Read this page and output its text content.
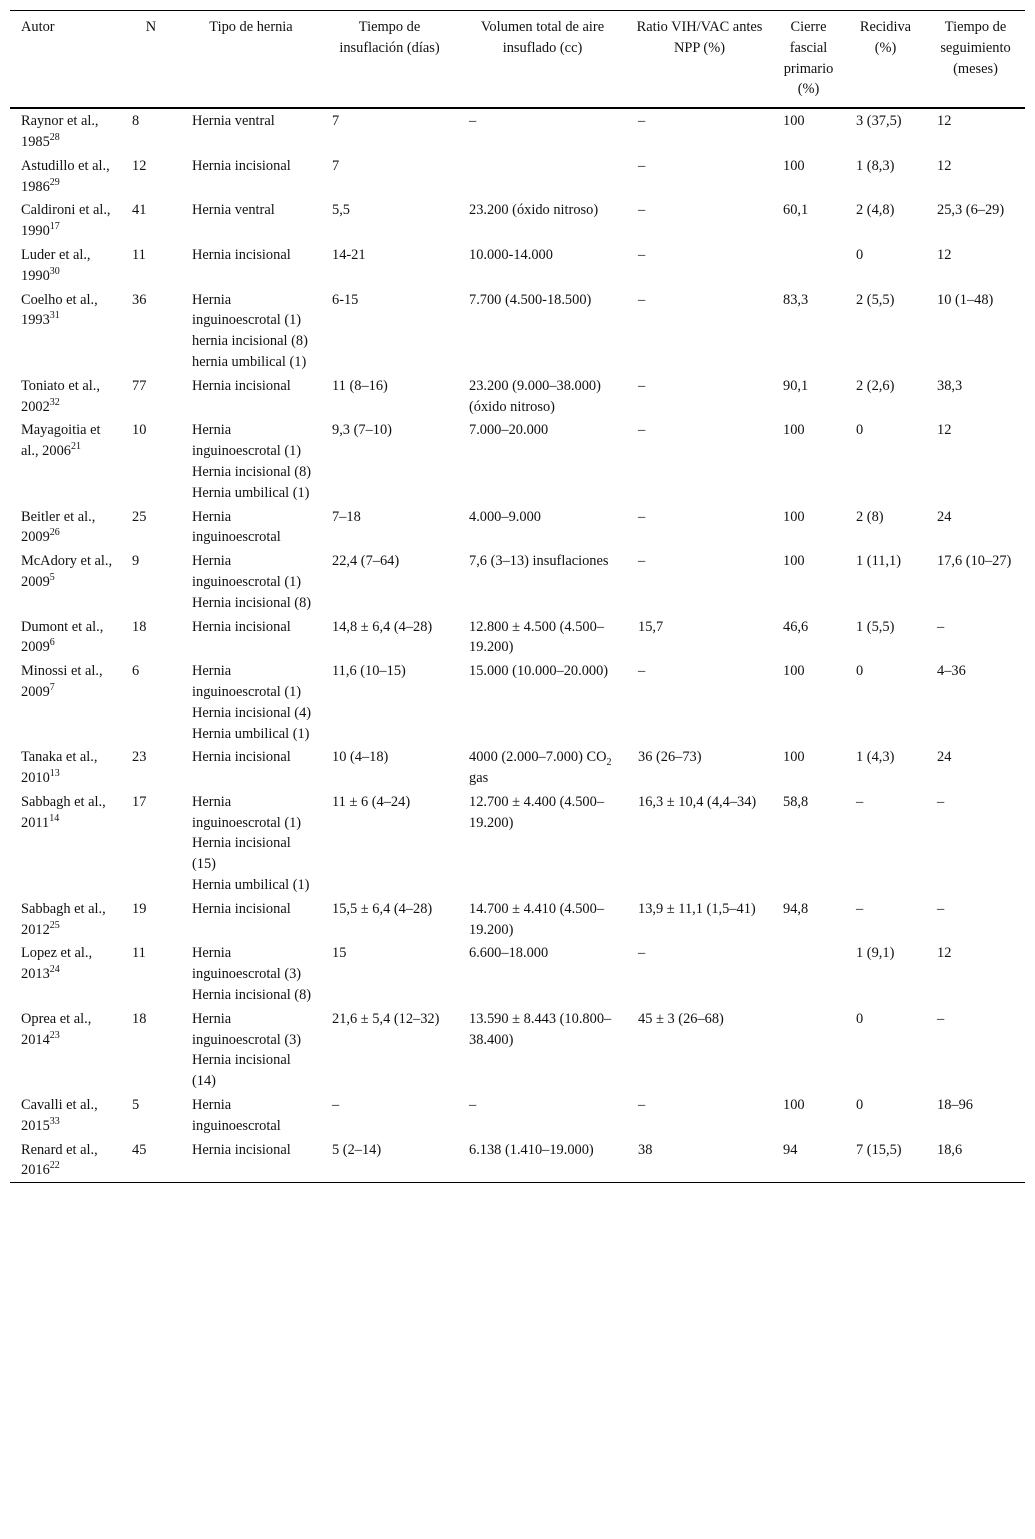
Autor	N	Tipo de hernia	Tiempo de insuflación (días)	Volumen total de aire insuflado (cc)	Ratio VIH/VAC antes NPP (%)	Cierre fascial primario (%)	Recidiva (%)	Tiempo de seguimiento (meses)
Raynor et al., 1985$^{28}$	8	Hernia ventral	7	–	–	100	3 (37,5)	12
Astudillo et al., 1986$^{29}$	12	Hernia incisional	7		–	100	1 (8,3)	12
Caldironi et al., 1990$^{17}$	41	Hernia ventral	5,5	23.200 (óxido nitroso)	–	60,1	2 (4,8)	25,3 (6–29)
Luder et al., 1990$^{30}$	11	Hernia incisional	14-21	10.000-14.000	–		0	12
Coelho et al., 1993$^{31}$	36	Hernia inguinoescrotal (1)
hernia incisional (8)
hernia umbilical (1)	6-15	7.700 (4.500-18.500)	–	83,3	2 (5,5)	10 (1–48)
Toniato et al., 2002$^{32}$	77	Hernia incisional	11 (8–16)	23.200 (9.000–38.000) (óxido nitroso)	–	90,1	2 (2,6)	38,3
Mayagoitia et al., 2006$^{21}$	10	Hernia inguinoescrotal (1)
Hernia incisional (8)
Hernia umbilical (1)	9,3 (7–10)	7.000–20.000	–	100	0	12
Beitler et al., 2009$^{26}$	25	Hernia inguinoescrotal	7–18	4.000–9.000	–	100	2 (8)	24
McAdory et al., 2009$^5$	9	Hernia inguinoescrotal (1)
Hernia incisional (8)	22,4 (7–64)	7,6 (3–13) insuflaciones	–	100	1 (11,1)	17,6 (10–27)
Dumont et al., 2009$^6$	18	Hernia incisional	14,8 ± 6,4 (4–28)	12.800 ± 4.500 (4.500–19.200)	15,7	46,6	1 (5,5)	–
Minossi et al., 2009$^7$	6	Hernia inguinoescrotal (1)
Hernia incisional (4)
Hernia umbilical (1)	11,6 (10–15)	15.000 (10.000–20.000)	–	100	0	4–36
Tanaka et al., 2010$^{13}$	23	Hernia incisional	10 (4–18)	4000 (2.000–7.000) $CO_2$ gas	36 (26–73)	100	1 (4,3)	24
Sabbagh et al., 2011$^{14}$	17	Hernia inguinoescrotal (1)
Hernia incisional (15)
Hernia umbilical (1)	11 ± 6 (4–24)	12.700 ± 4.400 (4.500–19.200)	16,3 ± 10,4 (4,4–34)	58,8	–	–
Sabbagh et al., 2012$^{25}$	19	Hernia incisional	15,5 ± 6,4 (4–28)	14.700 ± 4.410 (4.500–19.200)	13,9 ± 11,1 (1,5–41)	94,8	–	–
Lopez et al., 2013$^{24}$	11	Hernia inguinoescrotal (3)
Hernia incisional (8)	15	6.600–18.000	–		1 (9,1)	12
Oprea et al., 2014$^{23}$	18	Hernia inguinoescrotal (3)
Hernia incisional (14)	21,6 ± 5,4 (12–32)	13.590 ± 8.443 (10.800–38.400)	45 ± 3 (26–68)		0	–
Cavalli et al., 2015$^{33}$	5	Hernia inguinoescrotal	–	–	–	100	0	18–96
Renard et al., 2016$^{22}$	45	Hernia incisional	5 (2–14)	6.138 (1.410–19.000)	38	94	7 (15,5)	18,6
